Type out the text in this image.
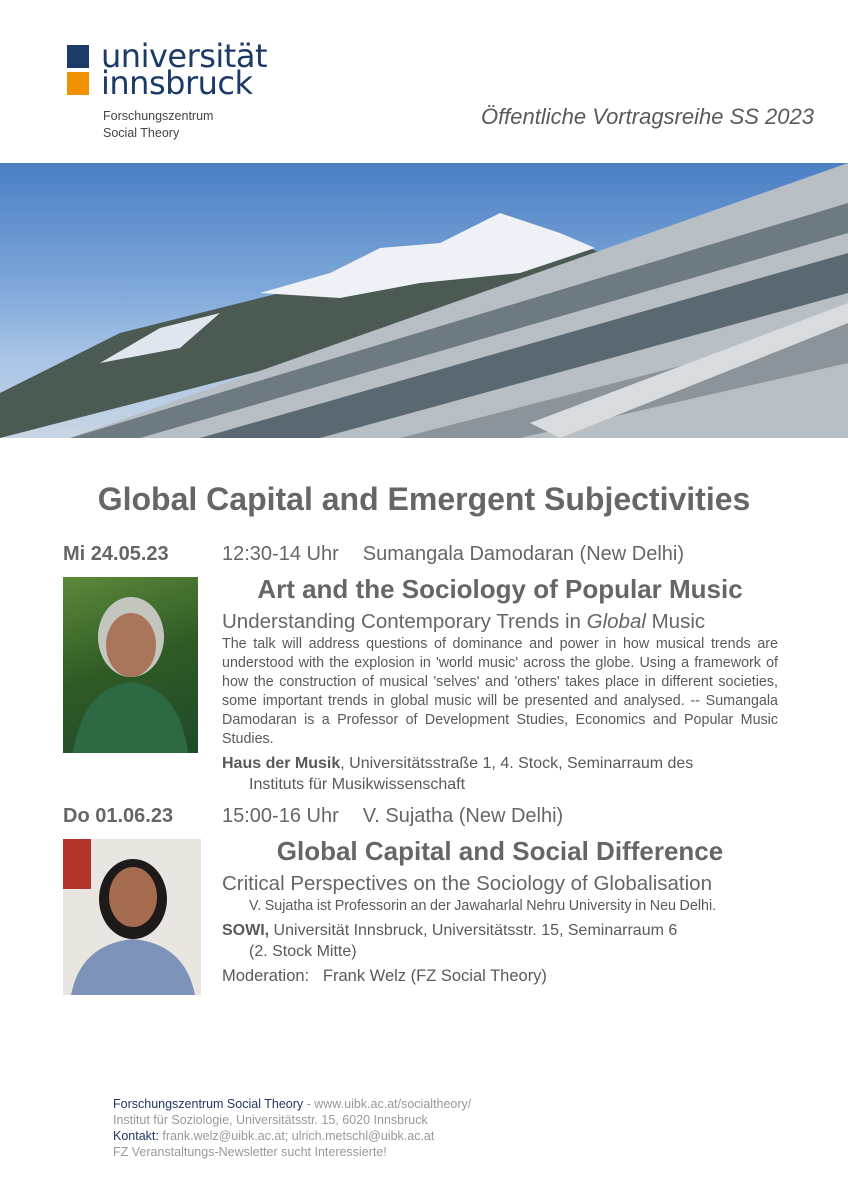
universität
innsbruck
Forschungszentrum
Social Theory
Öffentliche Vortragsreihe SS 2023
Global Capital and Emergent Subjectivities
Mi 24.05.23	12:30-14 Uhr Sumangala Damodaran (New Delhi)
Art and the Sociology of Popular Music
Understanding Contemporary Trends in Global Music
The talk will address questions of dominance and power in how musical trends are understood with the explosion in 'world music' across the globe. Using a framework of how the construction of musical 'selves' and 'others' takes place in different societies, some important trends in global music will be presented and analysed. -- Sumangala Damodaran is a Professor of Development Studies, Economics and Popular Music Studies.
Haus der Musik, Universitätsstraße 1, 4. Stock, Seminarraum des
Instituts für Musikwissenschaft
Do 01.06.23	15:00-16 Uhr V. Sujatha (New Delhi)
Global Capital and Social Difference
Critical Perspectives on the Sociology of Globalisation
V. Sujatha ist Professorin an der Jawaharlal Nehru University in Neu Delhi.
SOWI, Universität Innsbruck, Universitätsstr. 15, Seminarraum 6
(2. Stock Mitte)
Moderation: Frank Welz (FZ Social Theory)
Forschungszentrum Social Theory - www.uibk.ac.at/socialtheory/
Institut für Soziologie, Universitätsstr. 15, 6020 Innsbruck
Kontakt: frank.welz@uibk.ac.at; ulrich.metschl@uibk.ac.at
FZ Veranstaltungs-Newsletter sucht Interessierte!
